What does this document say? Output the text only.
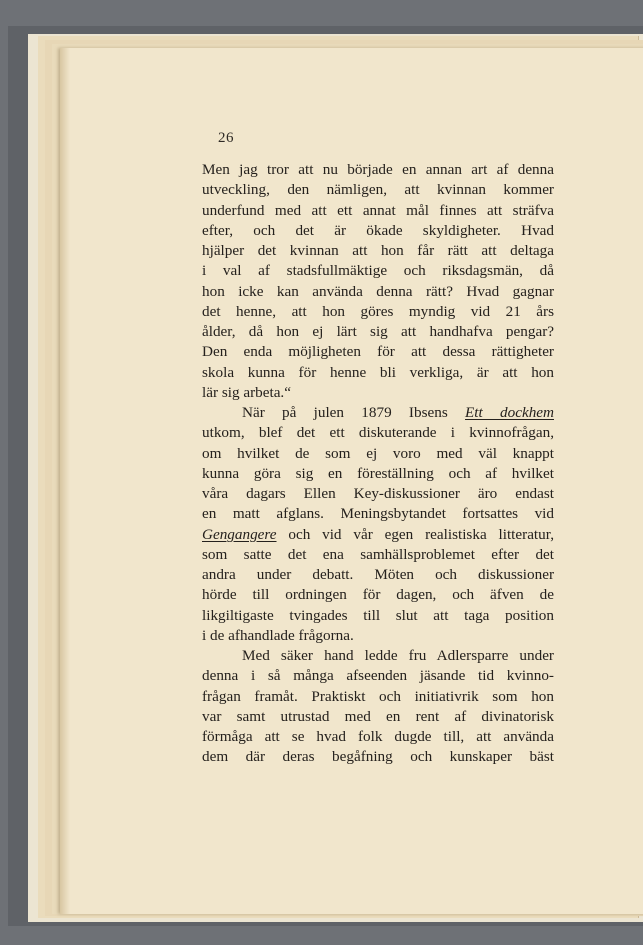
26
Men jag tror att nu började en annan art af denna
utveckling, den nämligen, att kvinnan kommer
underfund med att ett annat mål finnes att sträfva
efter, och det är ökade skyldigheter. Hvad
hjälper det kvinnan att hon får rätt att deltaga
i val af stadsfullmäktige och riksdagsmän, då
hon icke kan använda denna rätt? Hvad gagnar
det henne, att hon göres myndig vid 21 års
ålder, då hon ej lärt sig att handhafva pengar?
Den enda möjligheten för att dessa rättigheter
skola kunna för henne bli verkliga, är att hon
lär sig arbeta.“
När på julen 1879 Ibsens Ett dockhem
utkom, blef det ett diskuterande i kvinnofrågan,
om hvilket de som ej voro med väl knappt
kunna göra sig en föreställning och af hvilket
våra dagars Ellen Key-diskussioner äro endast
en matt afglans. Meningsbytandet fortsattes vid
Gengangere och vid vår egen realistiska litteratur,
som satte det ena samhällsproblemet efter det
andra under debatt. Möten och diskussioner
hörde till ordningen för dagen, och äfven de
likgiltigaste tvingades till slut att taga position
i de afhandlade frågorna.
Med säker hand ledde fru Adlersparre under
denna i så många afseenden jäsande tid kvinno-
frågan framåt. Praktiskt och initiativrik som hon
var samt utrustad med en rent af divinatorisk
förmåga att se hvad folk dugde till, att använda
dem där deras begåfning och kunskaper bäst
